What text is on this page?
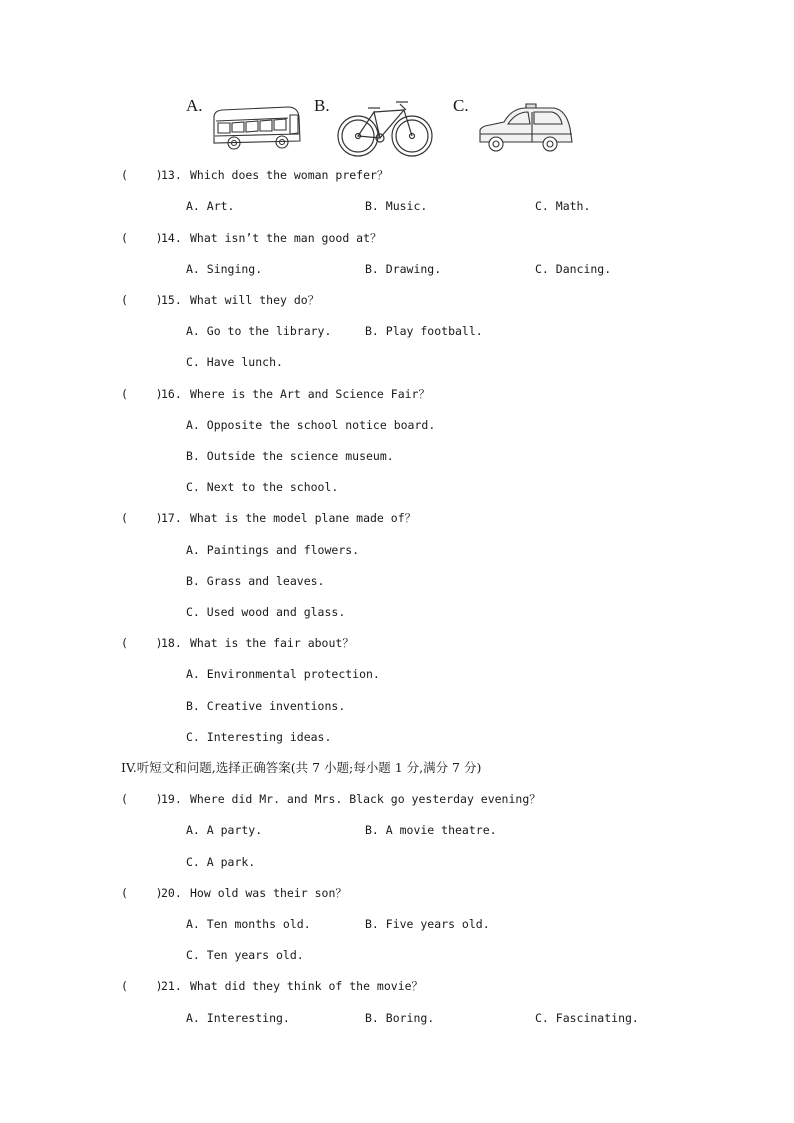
A.	B.	C.
(    )
13. Which does the woman prefer？
A. Art.	B. Music.	C. Math.
(    )
14. What isn’t the man good at？
A. Singing.	B. Drawing.	C. Dancing.
(    )
15. What will they do？
A. Go to the library.	B. Play football.
C. Have lunch.
(    )
16. Where is the Art and Science Fair？
A. Opposite the school notice board.
B. Outside the science museum.
C. Next to the school.
(    )
17. What is the model plane made of？
A. Paintings and flowers.
B. Grass and leaves.
C. Used wood and glass.
(    )
18. What is the fair about？
A. Environmental protection.
B. Creative inventions.
C. Interesting ideas.
IV.听短文和问题,选择正确答案(共 7 小题;每小题 1 分,满分 7 分)
(    )
19. Where did Mr. and Mrs. Black go yesterday evening？
A. A party.	B. A movie theatre.
C. A park.
(    )
20. How old was their son？
A. Ten months old.	B. Five years old.
C. Ten years old.
(    )
21. What did they think of the movie？
A. Interesting.	B. Boring.	C. Fascinating.
